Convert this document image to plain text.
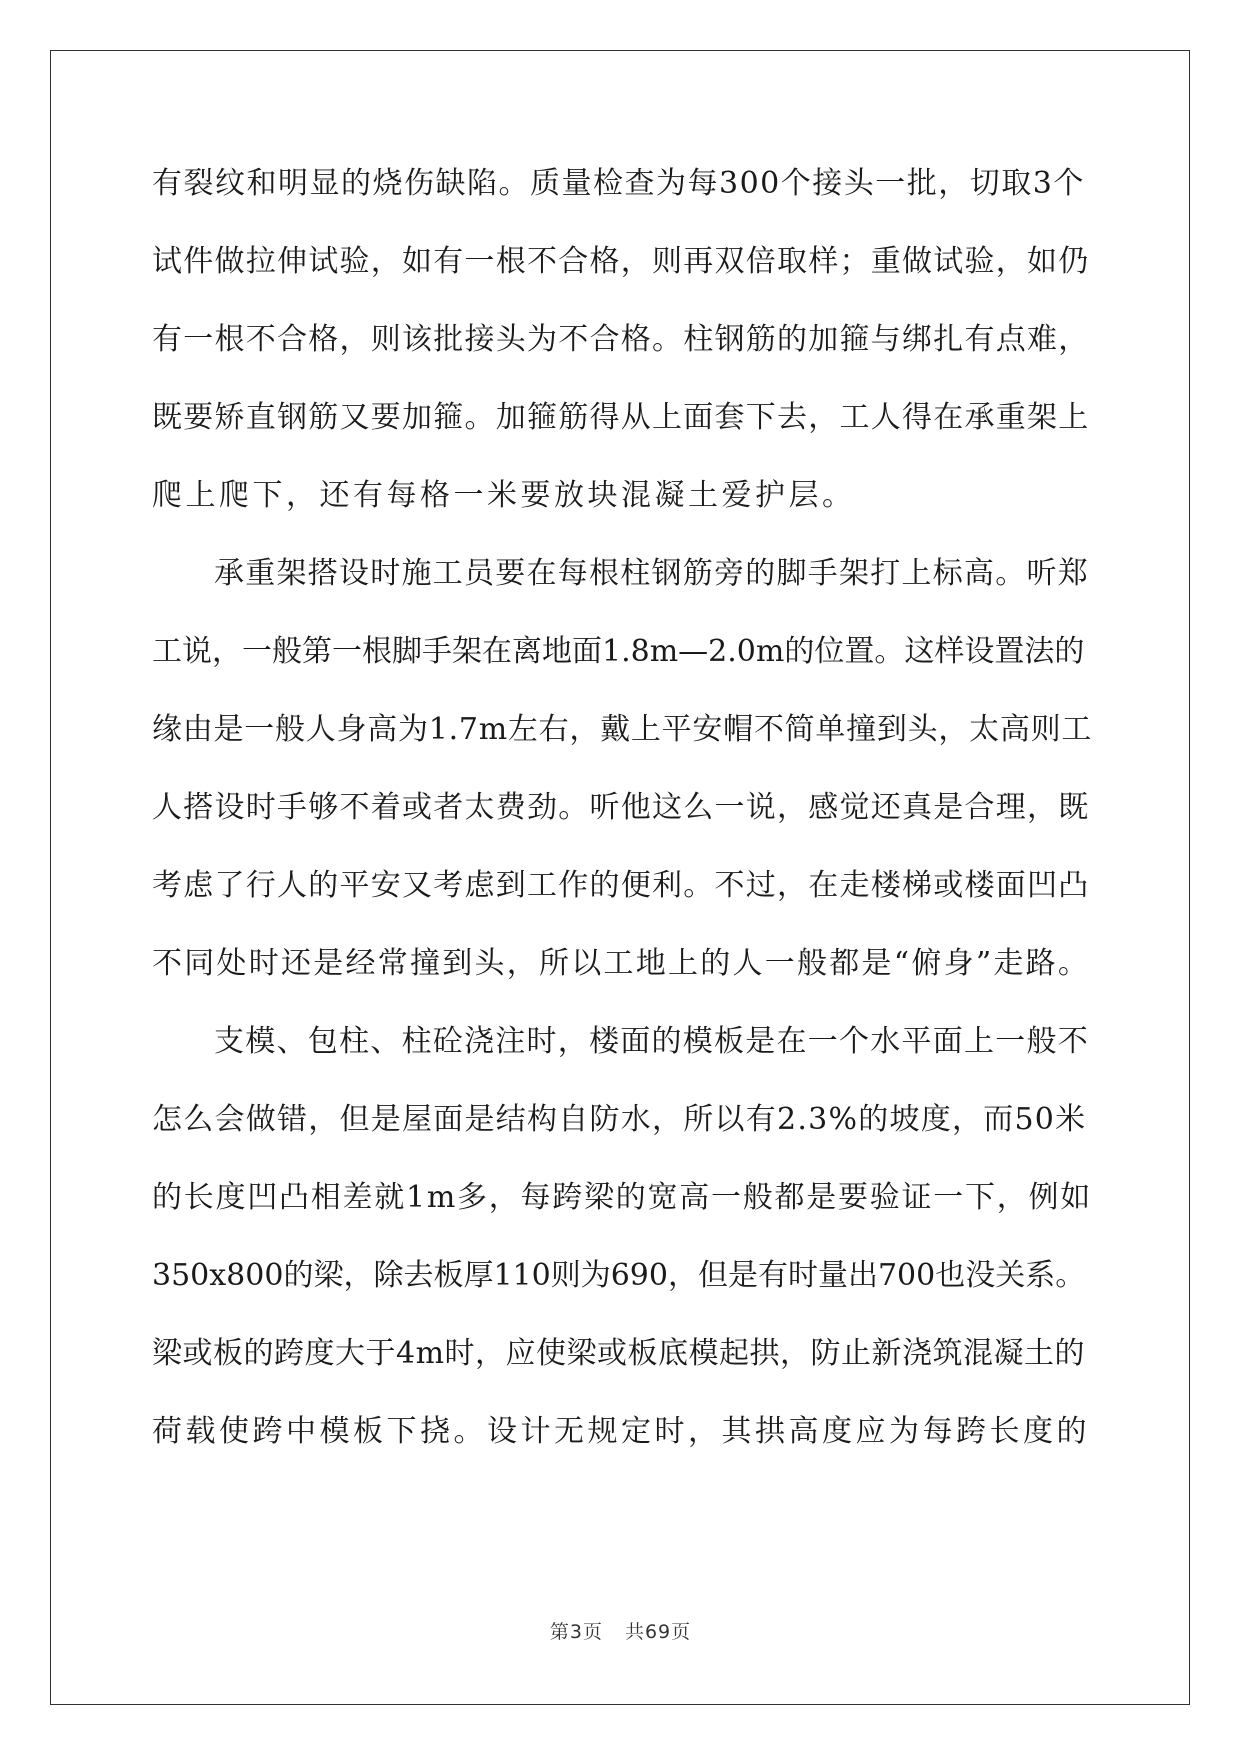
有裂纹和明显的烧伤缺陷。质量检查为每300个接头一批，切取3个
试件做拉伸试验，如有一根不合格，则再双倍取样；重做试验，如仍
有一根不合格，则该批接头为不合格。柱钢筋的加箍与绑扎有点难，
既要矫直钢筋又要加箍。加箍筋得从上面套下去，工人得在承重架上
爬上爬下，还有每格一米要放块混凝土爱护层。
承重架搭设时施工员要在每根柱钢筋旁的脚手架打上标高。听郑
工说，一般第一根脚手架在离地面1.8m—2.0m的位置。这样设置法的
缘由是一般人身高为1.7m左右，戴上平安帽不简单撞到头，太高则工
人搭设时手够不着或者太费劲。听他这么一说，感觉还真是合理，既
考虑了行人的平安又考虑到工作的便利。不过，在走楼梯或楼面凹凸
不同处时还是经常撞到头，所以工地上的人一般都是“俯身”走路。
支模、包柱、柱砼浇注时，楼面的模板是在一个水平面上一般不
怎么会做错，但是屋面是结构自防水，所以有2.3%的坡度，而50米
的长度凹凸相差就1m多，每跨梁的宽高一般都是要验证一下，例如
350x800的梁，除去板厚110则为690，但是有时量出700也没关系。
梁或板的跨度大于4m时，应使梁或板底模起拱，防止新浇筑混凝土的
荷载使跨中模板下挠。设计无规定时，其拱高度应为每跨长度的
第3页 共69页
